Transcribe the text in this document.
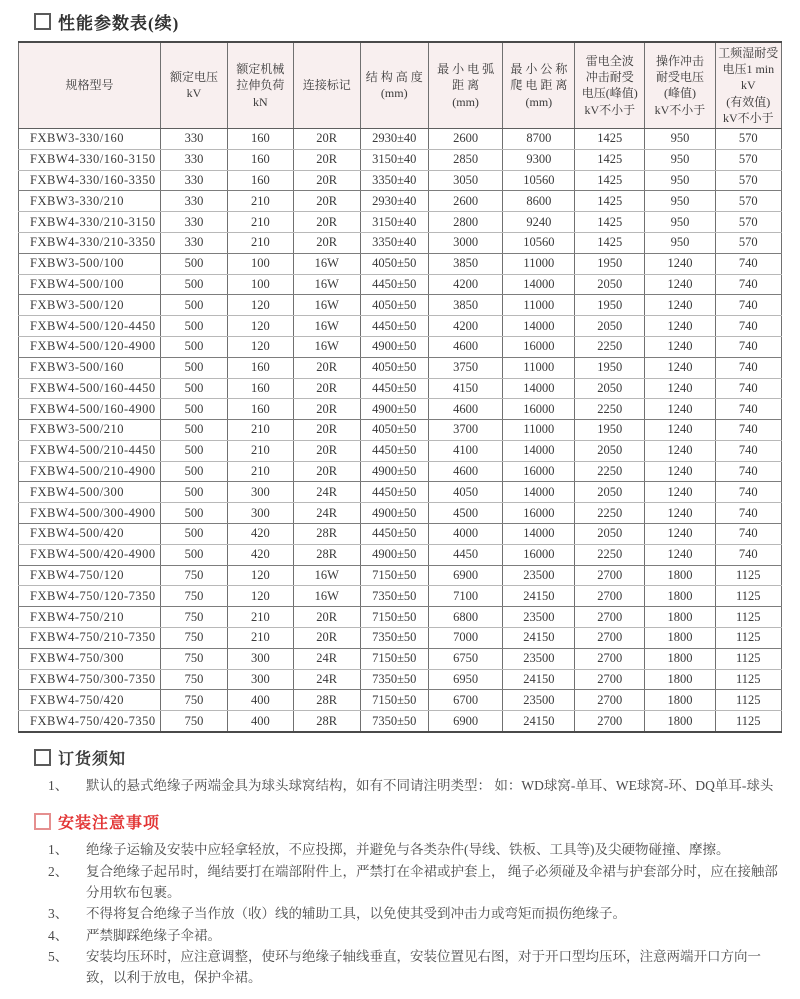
性能参数表(续)
规格型号

额定电压
kV

额定机械
拉伸负荷
kN

连接标记

结 构 高 度
(mm)

最 小 电 弧
距 离
(mm)

最 小 公 称
爬 电 距 离
(mm)

雷电全波
冲击耐受
电压(峰值)
kV不小于

操作冲击
耐受电压
(峰值)
kV不小于

工频湿耐受
电压1 min kV
(有效值)
kV不小于

FXBW3-330/160	330	160	20R	2930±40	2600	8700	1425	950	570
FXBW4-330/160-3150	330	160	20R	3150±40	2850	9300	1425	950	570
FXBW4-330/160-3350	330	160	20R	3350±40	3050	10560	1425	950	570
FXBW3-330/210	330	210	20R	2930±40	2600	8600	1425	950	570
FXBW4-330/210-3150	330	210	20R	3150±40	2800	9240	1425	950	570
FXBW4-330/210-3350	330	210	20R	3350±40	3000	10560	1425	950	570
FXBW3-500/100	500	100	16W	4050±50	3850	11000	1950	1240	740
FXBW4-500/100	500	100	16W	4450±50	4200	14000	2050	1240	740
FXBW3-500/120	500	120	16W	4050±50	3850	11000	1950	1240	740
FXBW4-500/120-4450	500	120	16W	4450±50	4200	14000	2050	1240	740
FXBW4-500/120-4900	500	120	16W	4900±50	4600	16000	2250	1240	740
FXBW3-500/160	500	160	20R	4050±50	3750	11000	1950	1240	740
FXBW4-500/160-4450	500	160	20R	4450±50	4150	14000	2050	1240	740
FXBW4-500/160-4900	500	160	20R	4900±50	4600	16000	2250	1240	740
FXBW3-500/210	500	210	20R	4050±50	3700	11000	1950	1240	740
FXBW4-500/210-4450	500	210	20R	4450±50	4100	14000	2050	1240	740
FXBW4-500/210-4900	500	210	20R	4900±50	4600	16000	2250	1240	740
FXBW4-500/300	500	300	24R	4450±50	4050	14000	2050	1240	740
FXBW4-500/300-4900	500	300	24R	4900±50	4500	16000	2250	1240	740
FXBW4-500/420	500	420	28R	4450±50	4000	14000	2050	1240	740
FXBW4-500/420-4900	500	420	28R	4900±50	4450	16000	2250	1240	740
FXBW4-750/120	750	120	16W	7150±50	6900	23500	2700	1800	1125
FXBW4-750/120-7350	750	120	16W	7350±50	7100	24150	2700	1800	1125
FXBW4-750/210	750	210	20R	7150±50	6800	23500	2700	1800	1125
FXBW4-750/210-7350	750	210	20R	7350±50	7000	24150	2700	1800	1125
FXBW4-750/300	750	300	24R	7150±50	6750	23500	2700	1800	1125
FXBW4-750/300-7350	750	300	24R	7350±50	6950	24150	2700	1800	1125
FXBW4-750/420	750	400	28R	7150±50	6700	23500	2700	1800	1125
FXBW4-750/420-7350	750	400	28R	7350±50	6900	24150	2700	1800	1125
订货须知
1、	默认的悬式绝缘子两端金具为球头球窝结构，如有不同请注明类型： 如：WD球窝-单耳、WE球窝-环、DQ单耳-球头
安装注意事项
1、	绝缘子运输及安装中应轻拿轻放，不应投掷，并避免与各类杂件(导线、铁板、工具等)及尖硬物碰撞、摩擦。
2、	复合绝缘子起吊时，绳结要打在端部附件上，严禁打在伞裙或护套上， 绳子必须碰及伞裙与护套部分时，应在接触部分用软布包裹。
3、	不得将复合绝缘子当作放（收）线的辅助工具，以免使其受到冲击力或弯矩而损伤绝缘子。
4、	严禁脚踩绝缘子伞裙。
5、	安装均压环时，应注意调整，使环与绝缘子轴线垂直，安装位置见右图，对于开口型均压环，注意两端开口方向一致，以利于放电，保护伞裙。
